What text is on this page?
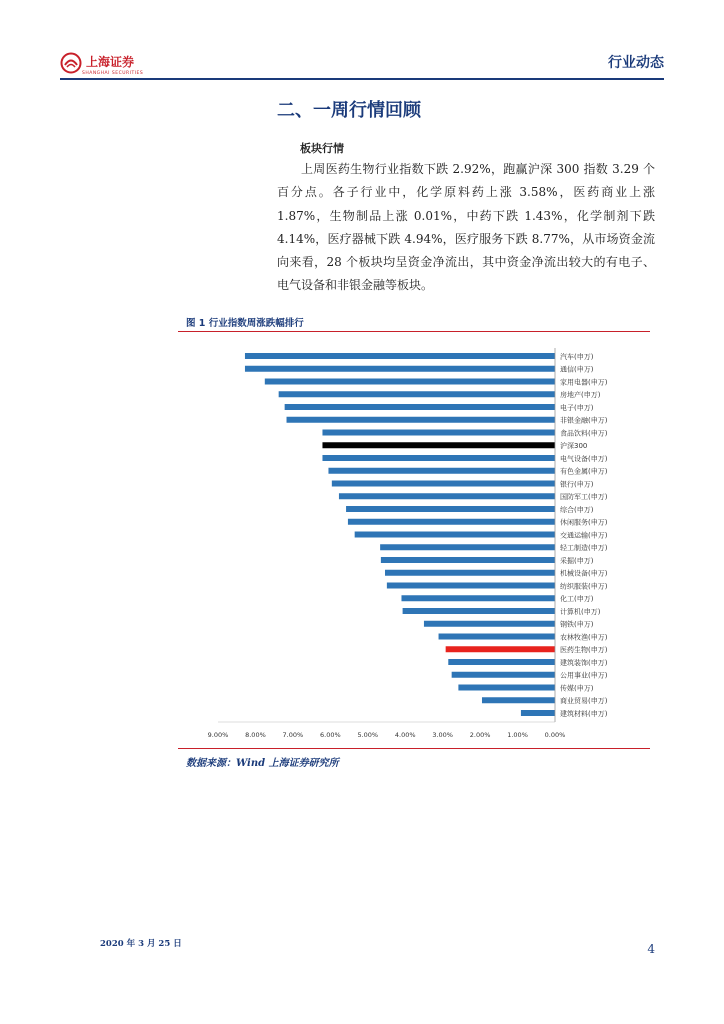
上海证券
SHANGHAI SECURITIES
行业动态
二、一周行情回顾
板块行情
上周医药生物行业指数下跌 2.92%，跑赢沪深 300 指数 3.29 个百分点。各子行业中，化学原料药上涨 3.58%，医药商业上涨 1.87%，生物制品上涨 0.01%，中药下跌 1.43%，化学制剂下跌 4.14%，医疗器械下跌 4.94%，医疗服务下跌 8.77%，从市场资金流向来看，28 个板块均呈资金净流出，其中资金净流出较大的有电子、电气设备和非银金融等板块。
图 1 行业指数周涨跌幅排行
汽车(申万)
通信(申万)
家用电器(申万)
房地产(申万)
电子(申万)
非银金融(申万)
食品饮料(申万)
沪深300
电气设备(申万)
有色金属(申万)
银行(申万)
国防军工(申万)
综合(申万)
休闲服务(申万)
交通运输(申万)
轻工制造(申万)
采掘(申万)
机械设备(申万)
纺织服装(申万)
化工(申万)
计算机(申万)
钢铁(申万)
农林牧渔(申万)
医药生物(申万)
建筑装饰(申万)
公用事业(申万)
传媒(申万)
商业贸易(申万)
建筑材料(申万)
9.00%	8.00%	7.00%	6.00%	5.00%	4.00%	3.00%	2.00%	1.00%	0.00%
数据来源：Wind 上海证券研究所
2020 年 3 月 25 日	4
